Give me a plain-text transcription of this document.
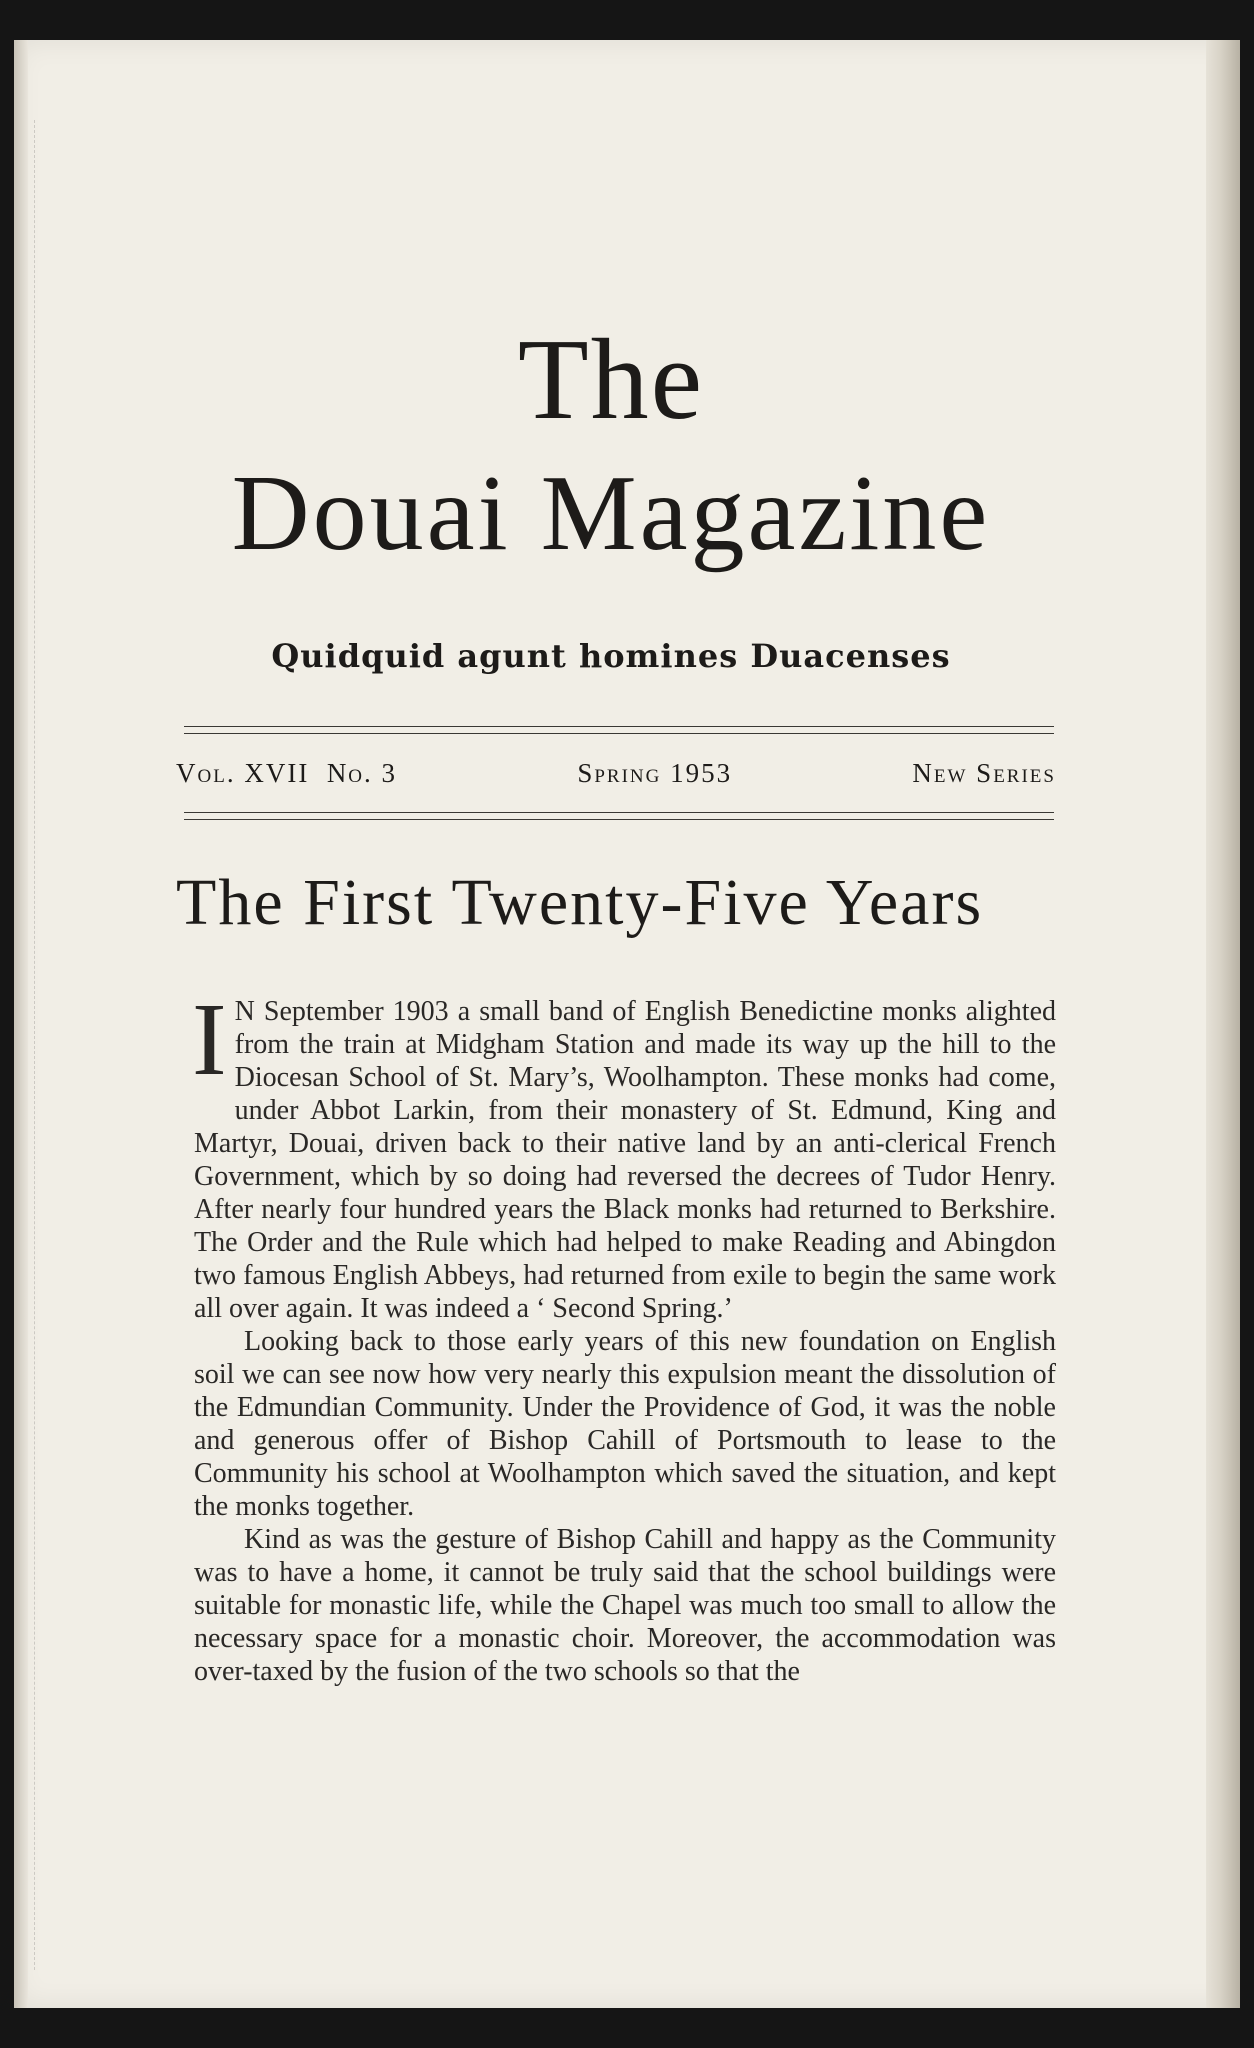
The
Douai Magazine
Quidquid agunt homines Duacenses
Vol. XVII No. 3	Spring 1953	New Series
The First Twenty-Five Years

I N September 1903 a small band of English Benedictine monks alighted from the train at Midgham Station and made its way up the hill to the Diocesan School of St. Mary’s, Woolhampton. These monks had come, under Abbot Larkin, from their monastery of St. Edmund, King and Martyr, Douai, driven back to their native land by an anti-clerical French Government, which by so doing had reversed the decrees of Tudor Henry. After nearly four hundred years the Black monks had returned to Berkshire. The Order and the Rule which had helped to make Reading and Abingdon two famous English Abbeys, had returned from exile to begin the same work all over again. It was indeed a ‘ Second Spring.’

Looking back to those early years of this new foundation on English soil we can see now how very nearly this expulsion meant the dissolution of the Edmundian Community. Under the Providence of God, it was the noble and generous offer of Bishop Cahill of Portsmouth to lease to the Community his school at Woolhampton which saved the situation, and kept the monks together.

Kind as was the gesture of Bishop Cahill and happy as the Community was to have a home, it cannot be truly said that the school buildings were suitable for monastic life, while the Chapel was much too small to allow the necessary space for a monastic choir. Moreover, the accommodation was over-taxed by the fusion of the two schools so that the
